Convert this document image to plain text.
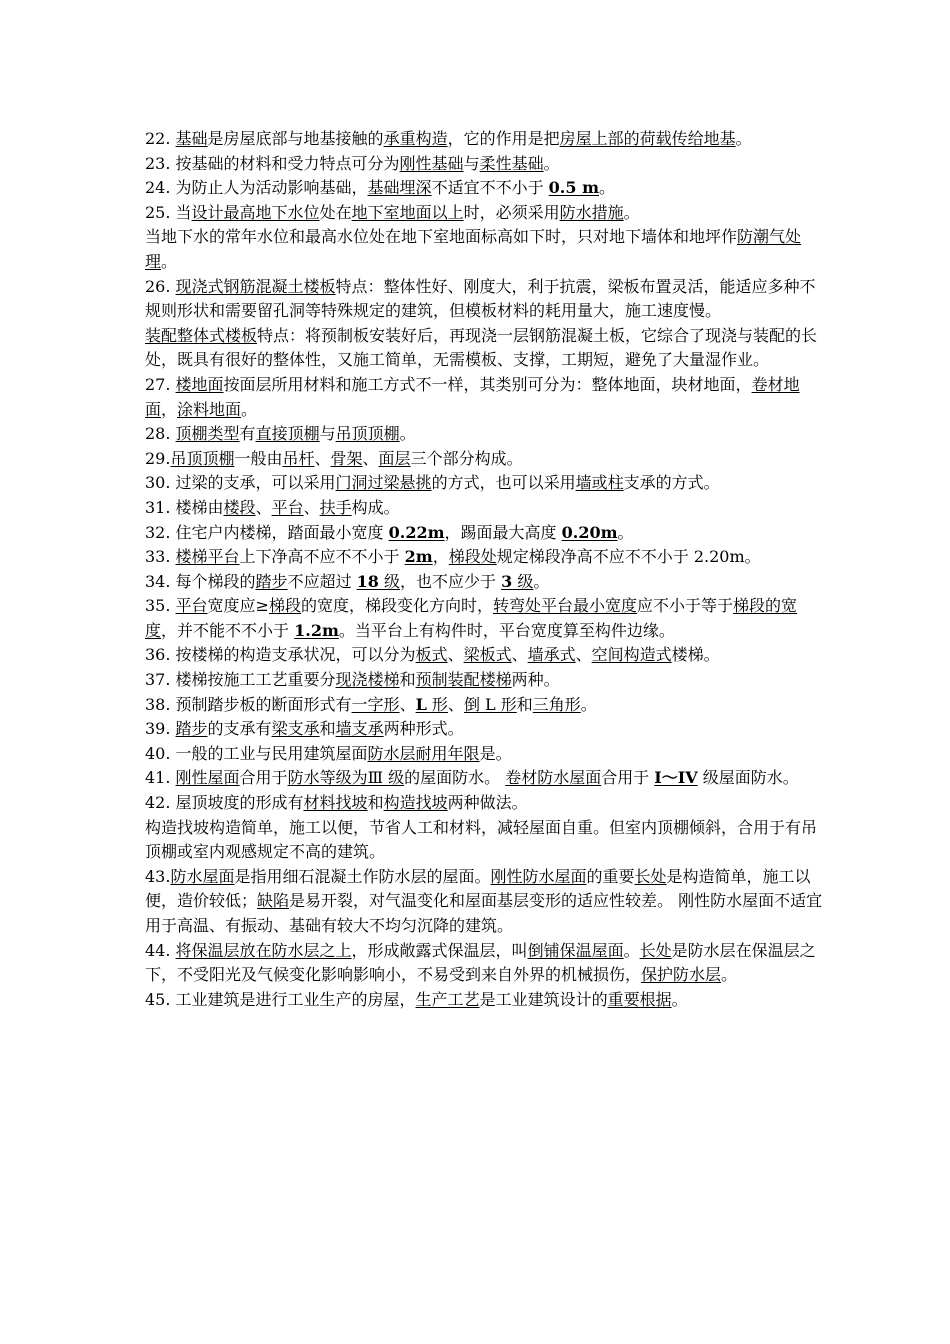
22. 基础是房屋底部与地基接触的承重构造，它的作用是把房屋上部的荷载传给地基。

23. 按基础的材料和受力特点可分为刚性基础与柔性基础。

24. 为防止人为活动影响基础，基础埋深不适宜不不小于 0.5 m。

25. 当设计最高地下水位处在地下室地面以上时，必须采用防水措施。

当地下水的常年水位和最高水位处在地下室地面标高如下时，只对地下墙体和地坪作防潮气处理。

26. 现浇式钢筋混凝土楼板特点：整体性好、刚度大，利于抗震，梁板布置灵活，能适应多种不规则形状和需要留孔洞等特殊规定的建筑，但模板材料的耗用量大，施工速度慢。

装配整体式楼板特点：将预制板安装好后，再现浇一层钢筋混凝土板，它综合了现浇与装配的长处，既具有很好的整体性，又施工简单，无需模板、支撑，工期短，避免了大量湿作业。

27. 楼地面按面层所用材料和施工方式不一样，其类别可分为：整体地面，块材地面，卷材地面，涂料地面。

28. 顶棚类型有直接顶棚与吊顶顶棚。

29.吊顶顶棚一般由吊杆、骨架、面层三个部分构成。

30. 过梁的支承，可以采用门洞过梁悬挑的方式，也可以采用墙或柱支承的方式。

31. 楼梯由楼段、平台、扶手构成。

32. 住宅户内楼梯，踏面最小宽度 0.22m，踢面最大高度 0.20m。

33. 楼梯平台上下净高不应不不小于 2m，梯段处规定梯段净高不应不不小于 2.20m。

34. 每个梯段的踏步不应超过 18 级，也不应少于 3 级。

35. 平台宽度应≥梯段的宽度，梯段变化方向时，转弯处平台最小宽度应不小于等于梯段的宽度，并不能不不小于 1.2m。当平台上有构件时，平台宽度算至构件边缘。

36. 按楼梯的构造支承状况，可以分为板式、梁板式、墙承式、空间构造式楼梯。

37. 楼梯按施工工艺重要分现浇楼梯和预制装配楼梯两种。

38. 预制踏步板的断面形式有一字形、L 形、倒 L 形和三角形。

39. 踏步的支承有梁支承和墙支承两种形式。

40. 一般的工业与民用建筑屋面防水层耐用年限是。

41. 刚性屋面合用于防水等级为Ⅲ 级的屋面防水。 卷材防水屋面合用于 I～IV 级屋面防水。

42. 屋顶坡度的形成有材料找坡和构造找坡两种做法。

构造找坡构造简单，施工以便，节省人工和材料，减轻屋面自重。但室内顶棚倾斜，合用于有吊顶棚或室内观感规定不高的建筑。

43.防水屋面是指用细石混凝土作防水层的屋面。刚性防水屋面的重要长处是构造简单，施工以便，造价较低；缺陷是易开裂，对气温变化和屋面基层变形的适应性较差。 刚性防水屋面不适宜用于高温、有振动、基础有较大不均匀沉降的建筑。

44. 将保温层放在防水层之上，形成敞露式保温层，叫倒铺保温屋面。长处是防水层在保温层之下，不受阳光及气候变化影响影响小，不易受到来自外界的机械损伤，保护防水层。

45. 工业建筑是进行工业生产的房屋，生产工艺是工业建筑设计的重要根据。
